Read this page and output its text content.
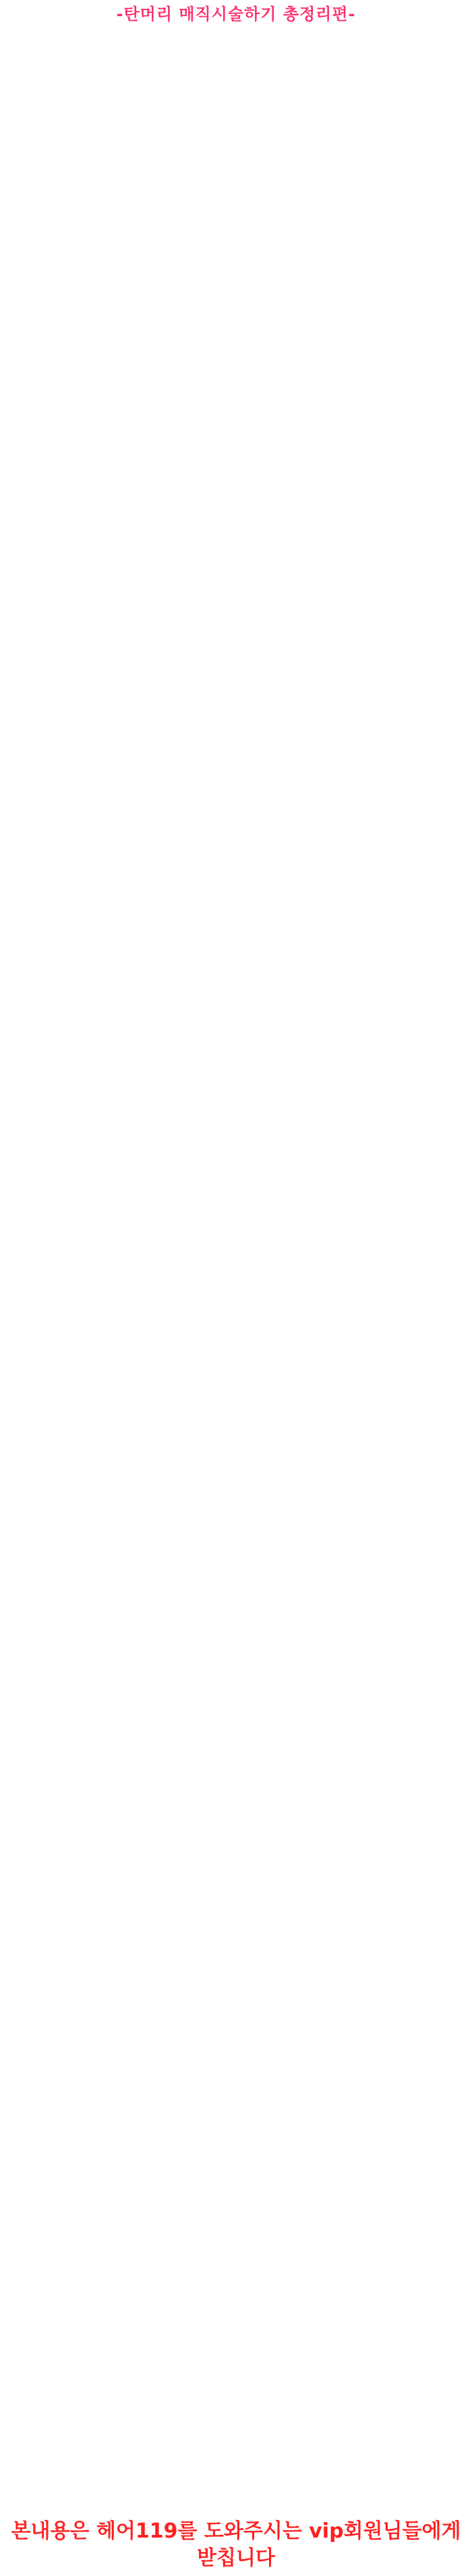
-탄머리 매직시술하기 총정리편-
본내용은 헤어119를 도와주시는 vip회원님들에게 받칩니다
